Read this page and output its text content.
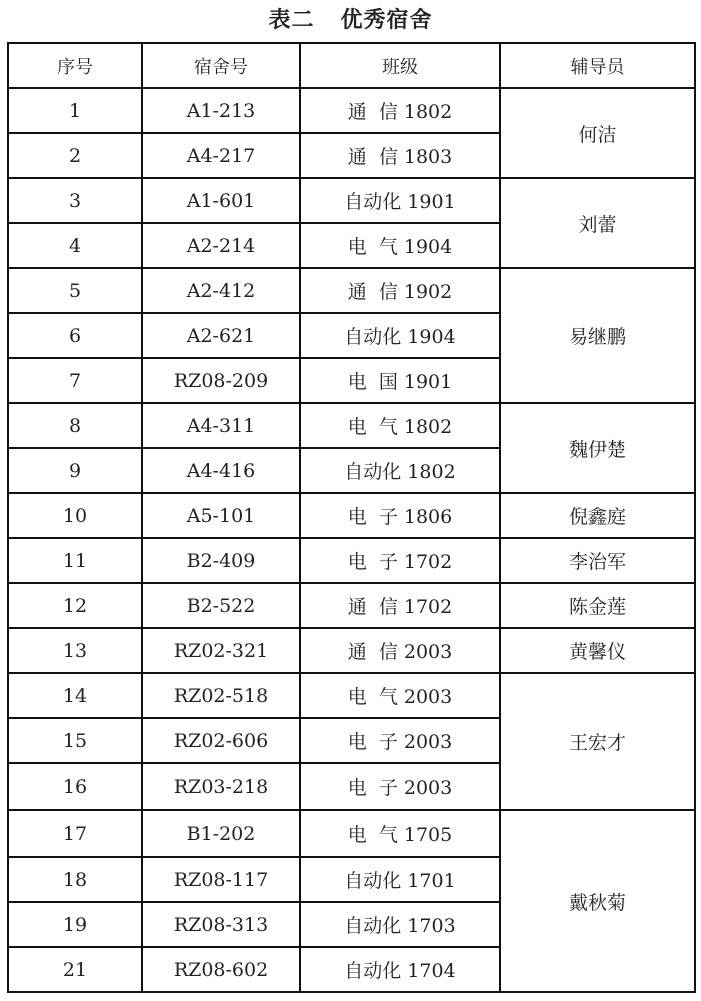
表二   优秀宿舍
序号	宿舍号	班级	辅导员
1	A1-213	通  信 1802	何洁
2	A4-217	通  信 1803	
3	A1-601	自动化 1901	刘蕾
4	A2-214	电  气 1904	
5	A2-412	通  信 1902	易继鹏
6	A2-621	自动化 1904	
7	RZ08-209	电  国 1901	
8	A4-311	电  气 1802	魏伊楚
9	A4-416	自动化 1802	
10	A5-101	电  子 1806	倪鑫庭
11	B2-409	电  子 1702	李治军
12	B2-522	通  信 1702	陈金莲
13	RZ02-321	通  信 2003	黄馨仪
14	RZ02-518	电  气 2003	王宏才
15	RZ02-606	电  子 2003	
16	RZ03-218	电  子 2003	
17	B1-202	电  气 1705	戴秋菊
18	RZ08-117	自动化 1701	
19	RZ08-313	自动化 1703	
21	RZ08-602	自动化 1704	
